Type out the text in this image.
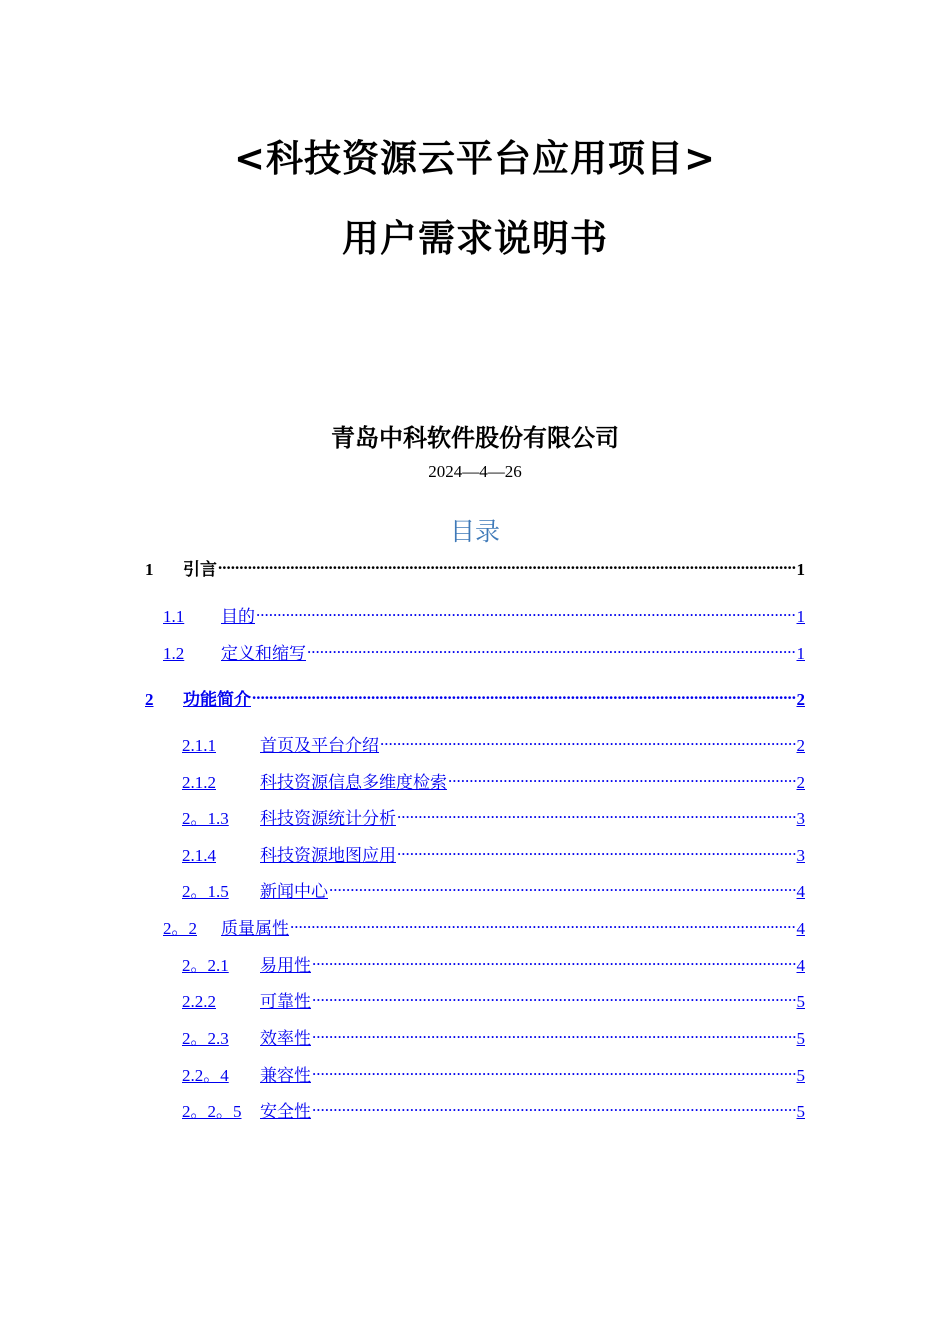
<科技资源云平台应用项目>
用户需求说明书
青岛中科软件股份有限公司
2024—4—26
目录
1	引言 .....	1
1.1	目的 .....	1
1.2	定义和缩写 .....	1
2	功能简介 .....	2
2.1.1	首页及平台介绍 .....	2
2.1.2	科技资源信息多维度检索 .....	2
2。1.3	科技资源统计分析 .....	3
2.1.4	科技资源地图应用 .....	3
2。1.5	新闻中心 .....	4
2。2	质量属性 .....	4
2。2.1	易用性 .....	4
2.2.2	可靠性 .....	5
2。2.3	效率性 .....	5
2.2。4	兼容性 .....	5
2。2。5	安全性 .....	5
